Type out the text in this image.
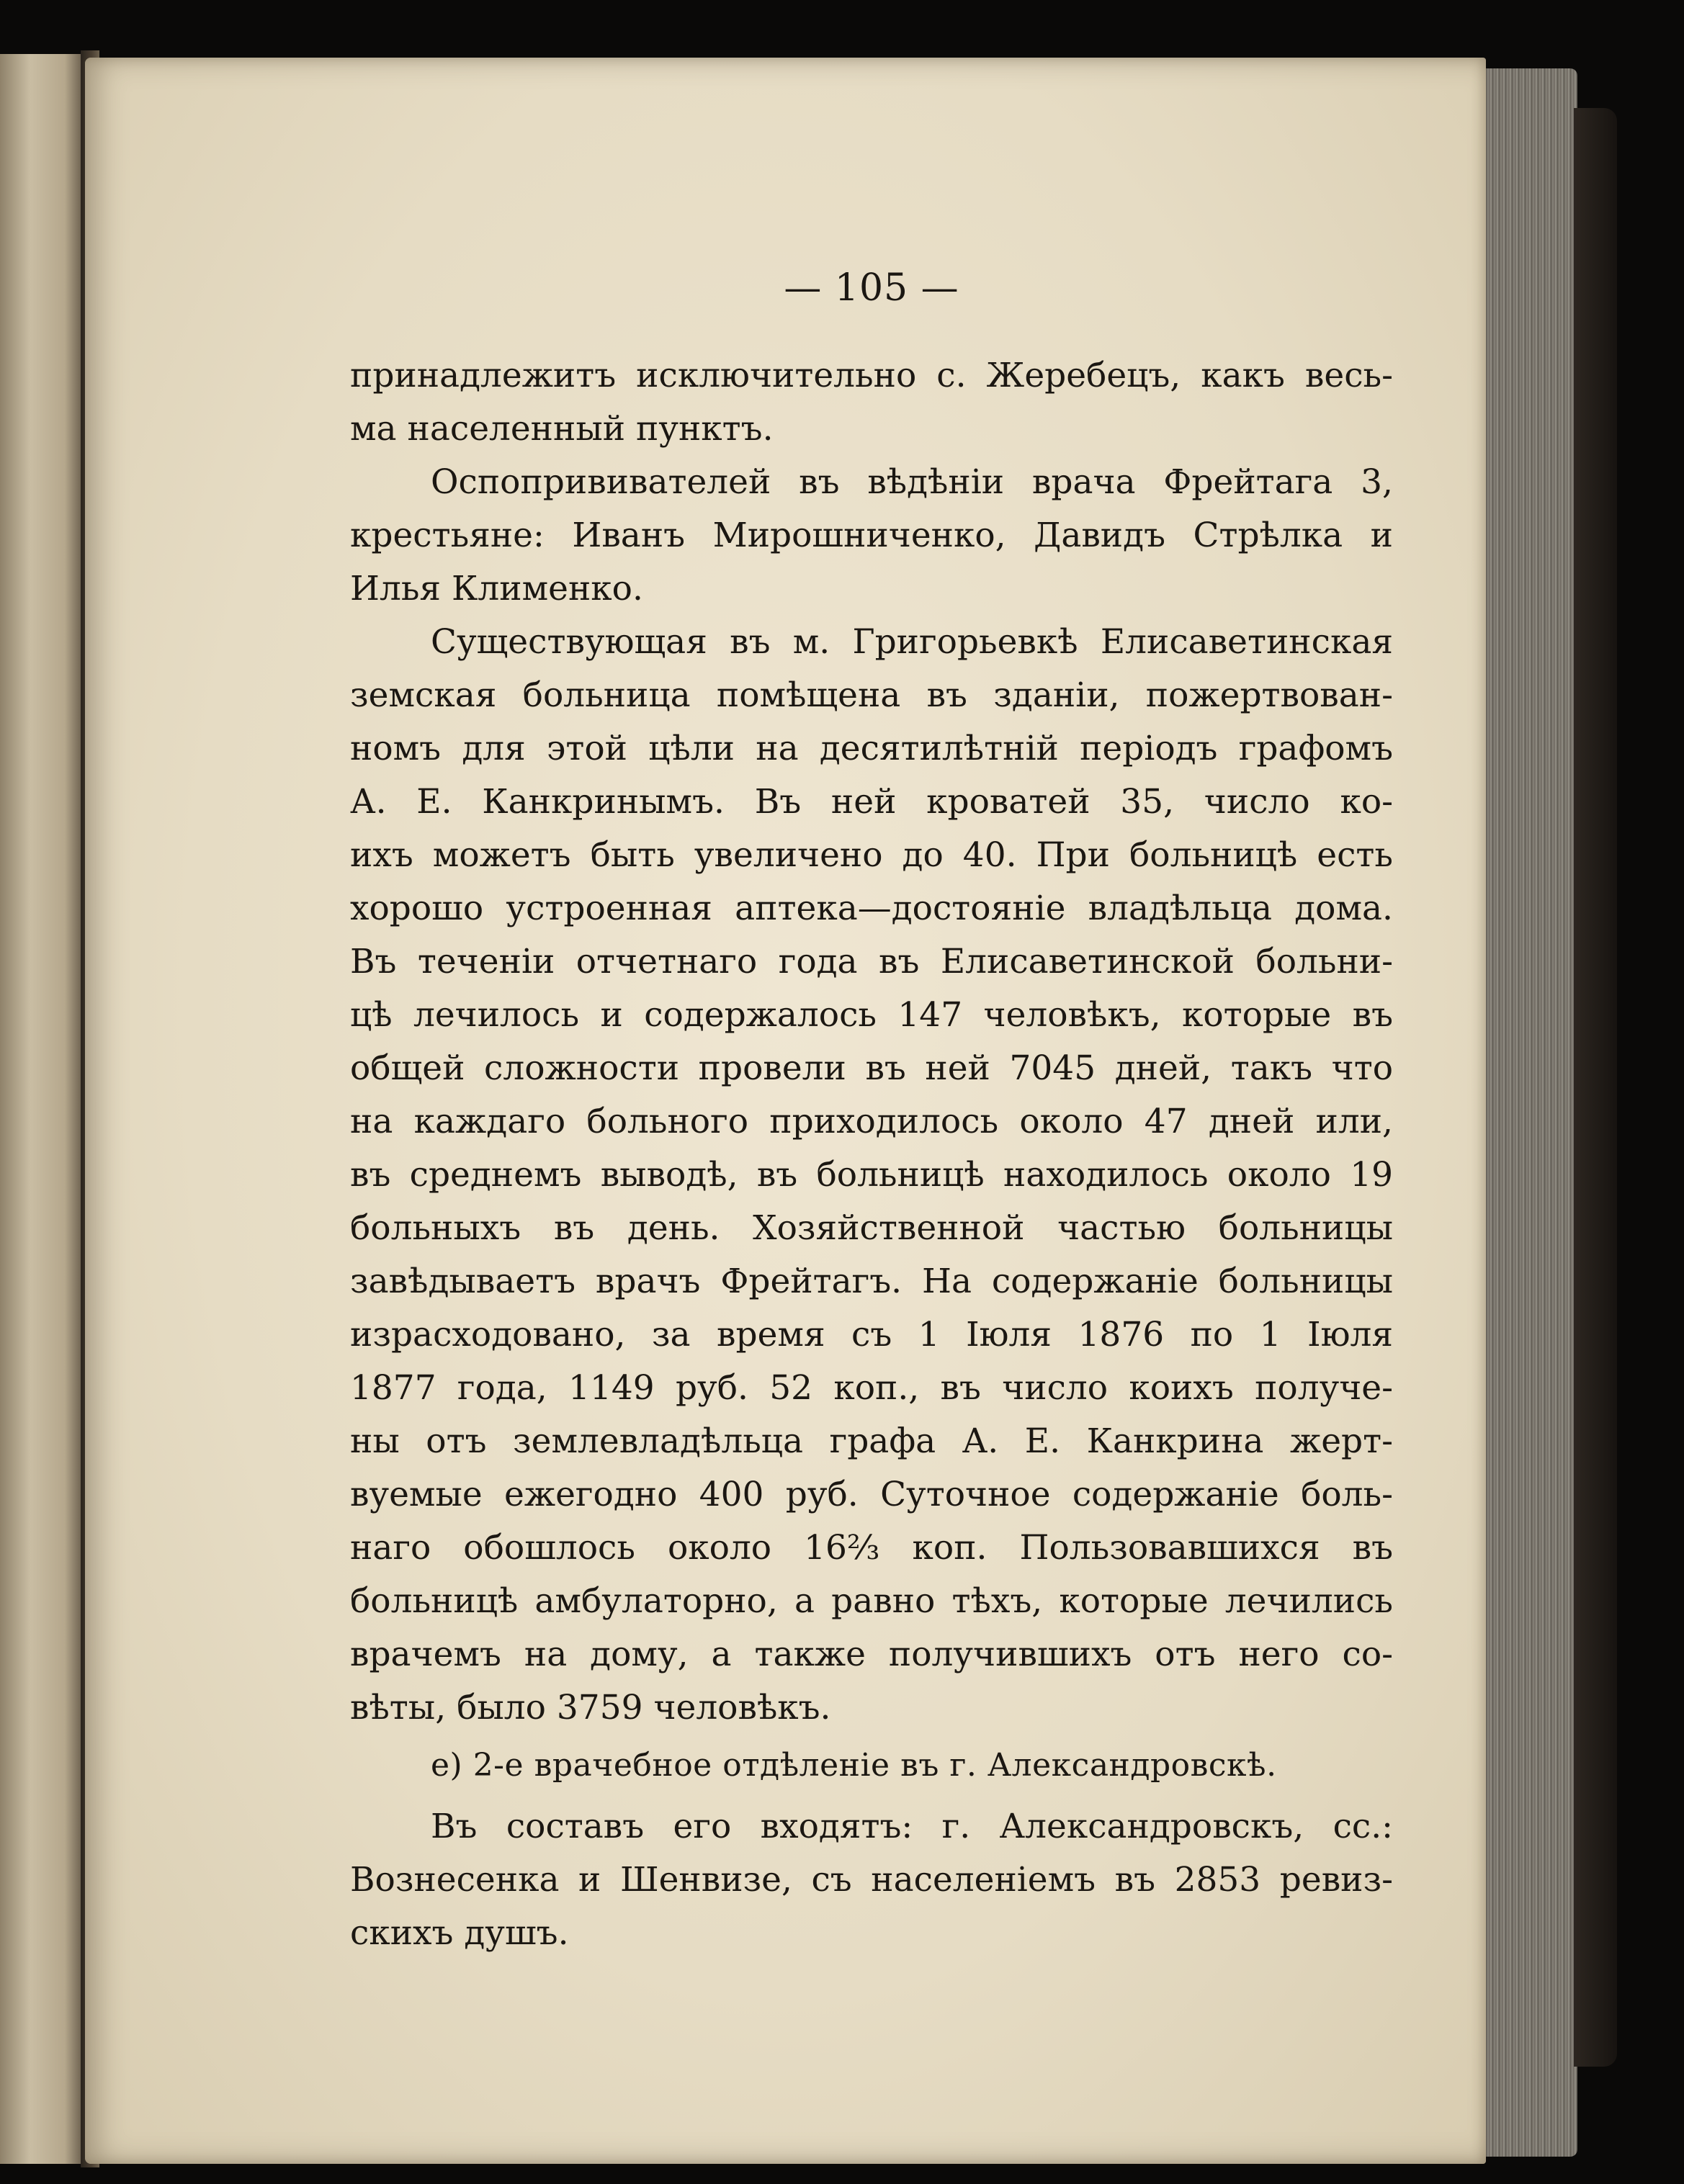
— 105 —
принадлежитъ исключительно с. Жеребецъ, какъ весь-
ма населенный пунктъ.
Оспопрививателей въ вѣдѣніи врача Фрейтага 3,
крестьяне: Иванъ Мирошниченко, Давидъ Стрѣлка и
Илья Клименко.
Существующая въ м. Григорьевкѣ Елисаветинская
земская больница помѣщена въ зданіи, пожертвован-
номъ для этой цѣли на десятилѣтній періодъ графомъ
А. Е. Канкринымъ. Въ ней кроватей 35, число ко-
ихъ можетъ быть увеличено до 40. При больницѣ есть
хорошо устроенная аптека—достояніе владѣльца дома.
Въ теченіи отчетнаго года въ Елисаветинской больни-
цѣ лечилось и содержалось 147 человѣкъ, которые въ
общей сложности провели въ ней 7045 дней, такъ что
на каждаго больного приходилось около 47 дней или,
въ среднемъ выводѣ, въ больницѣ находилось около 19
больныхъ въ день. Хозяйственной частью больницы
завѣдываетъ врачъ Фрейтагъ. На содержаніе больницы
израсходовано, за время съ 1 Іюля 1876 по 1 Іюля
1877 года, 1149 руб. 52 коп., въ число коихъ получе-
ны отъ землевладѣльца графа А. Е. Канкрина жерт-
вуемые ежегодно 400 руб. Суточное содержаніе боль-
наго обошлось около 16⅔ коп. Пользовавшихся въ
больницѣ амбулаторно, а равно тѣхъ, которые лечились
врачемъ на дому, а также получившихъ отъ него со-
вѣты, было 3759 человѣкъ.
е) 2-е врачебное отдѣленіе въ г. Александровскѣ.
Въ составъ его входятъ: г. Александровскъ, сс.:
Вознесенка и Шенвизе, съ населеніемъ въ 2853 ревиз-
скихъ душъ.
